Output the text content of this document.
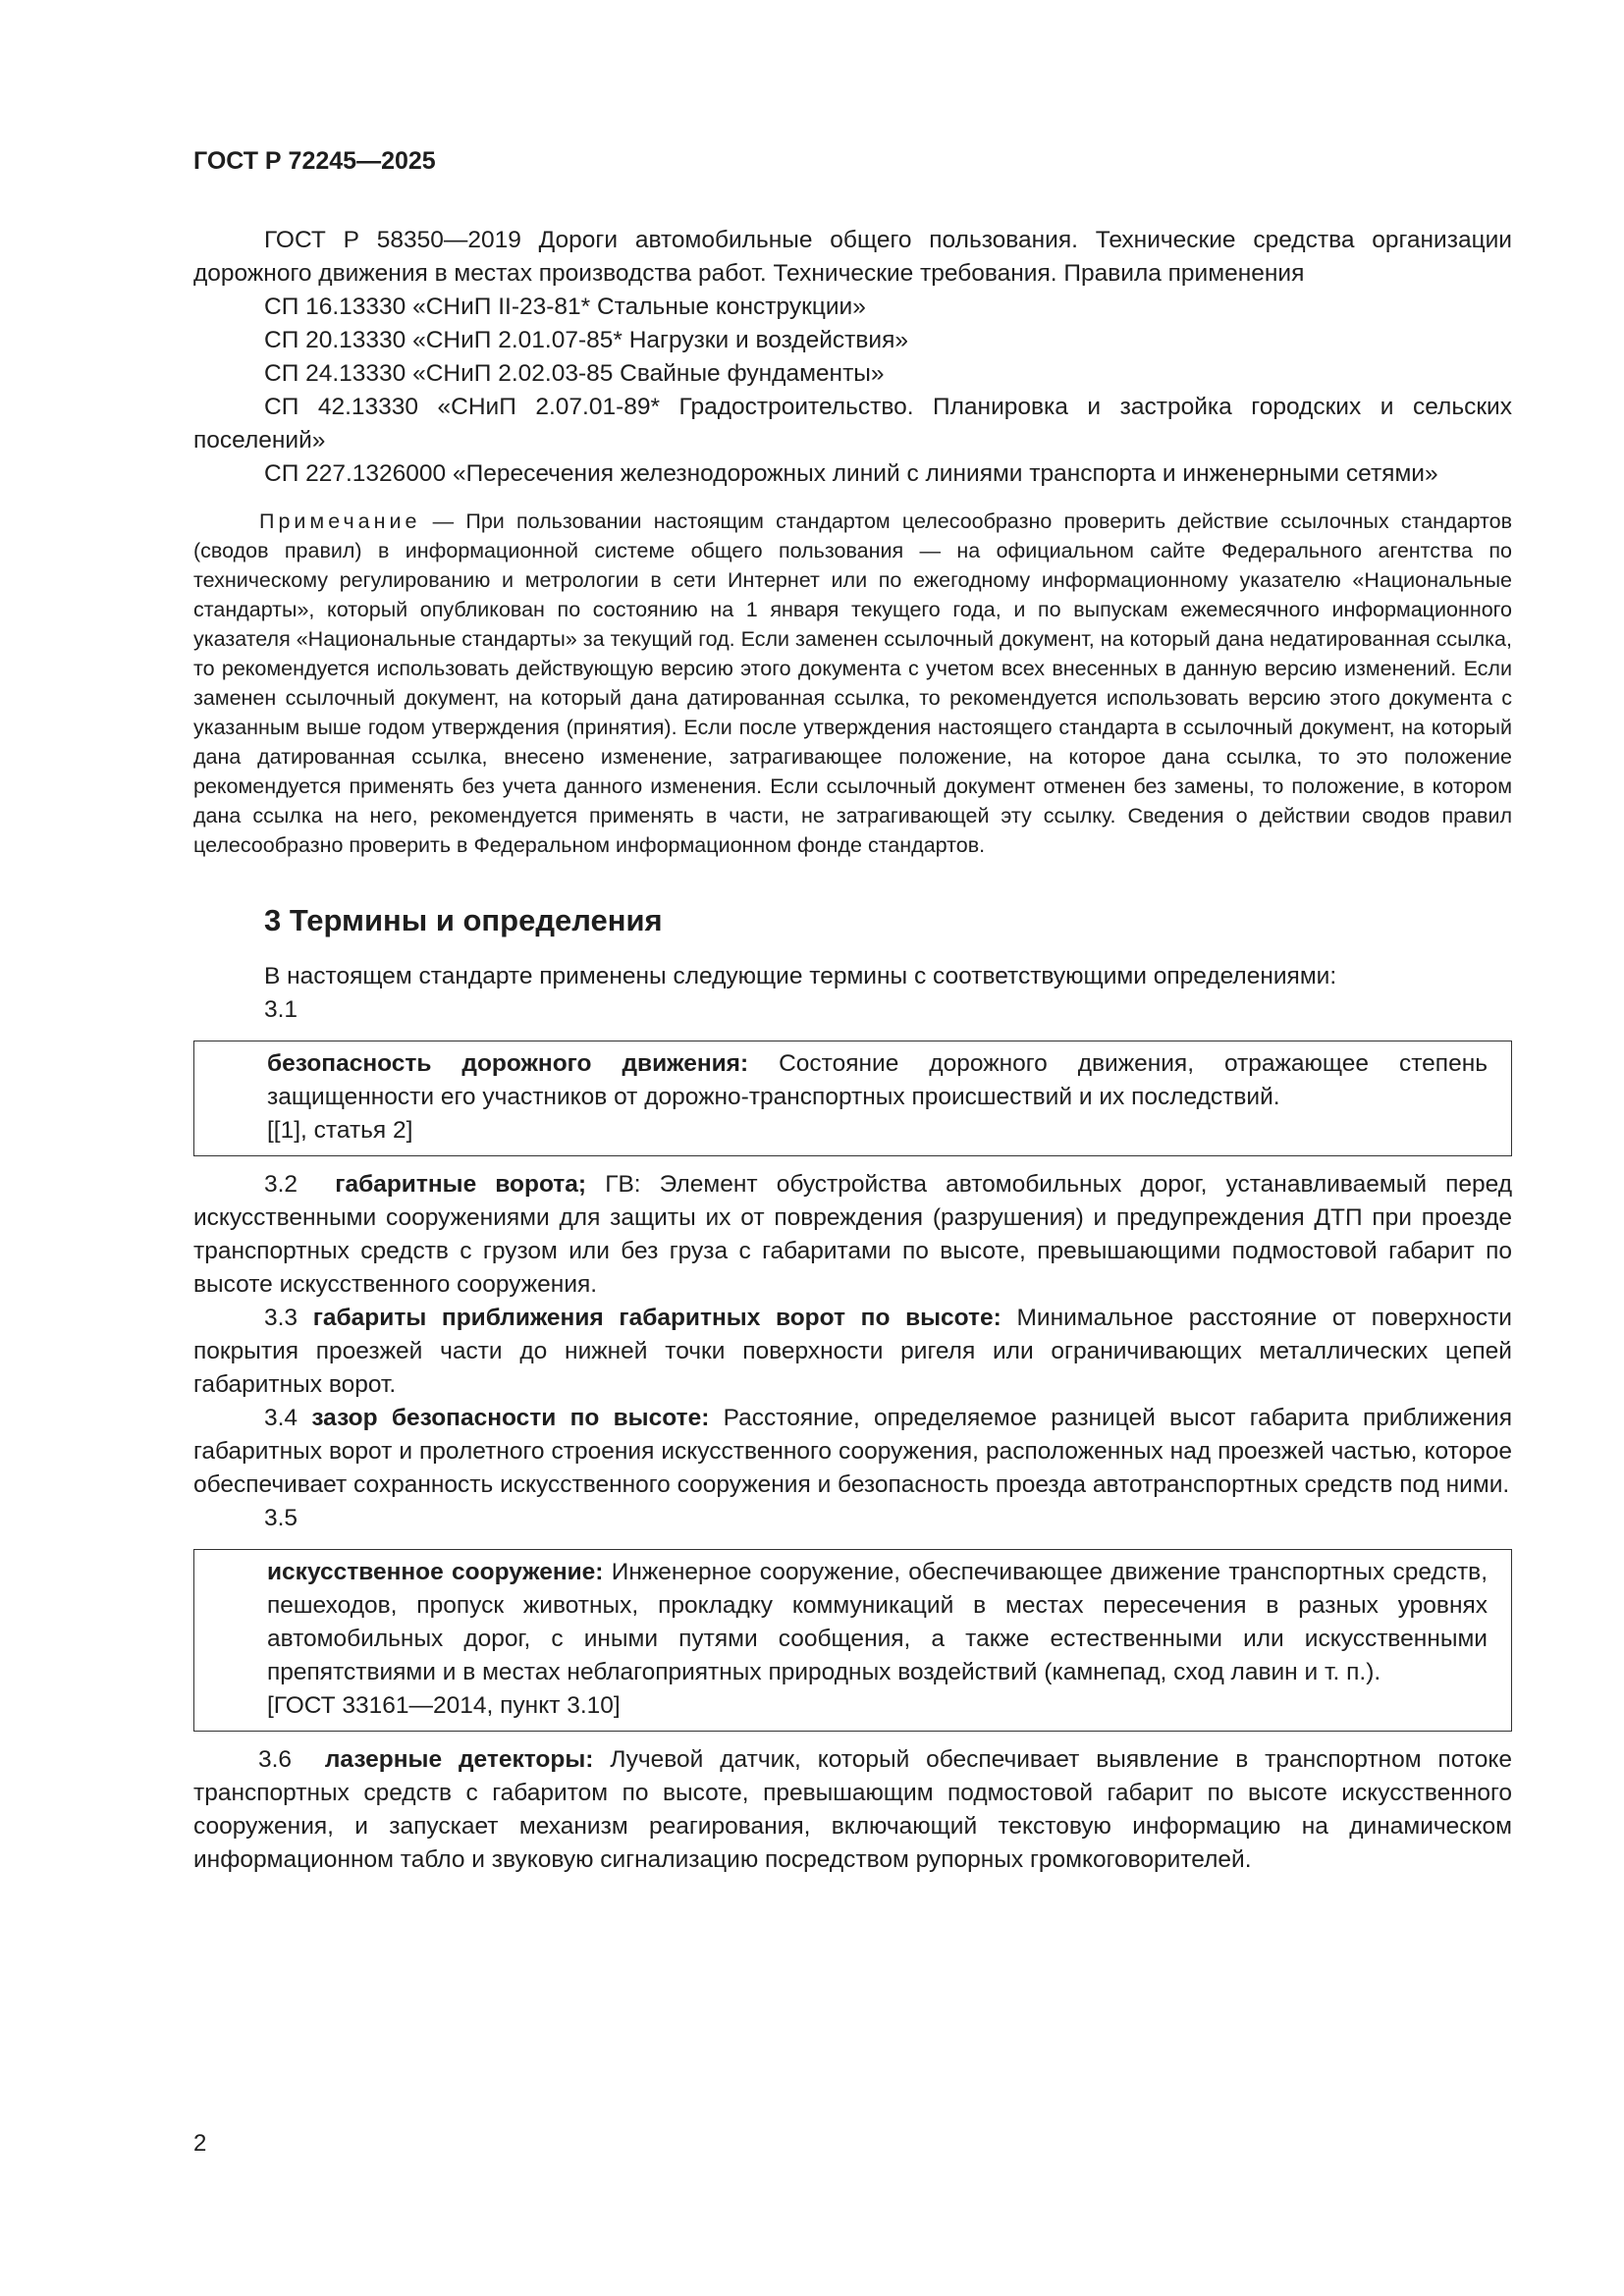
ГОСТ Р 72245—2025

ГОСТ Р 58350—2019 Дороги автомобильные общего пользования. Технические средства организации дорожного движения в местах производства работ. Технические требования. Правила применения

СП 16.13330 «СНиП II-23-81* Стальные конструкции»

СП 20.13330 «СНиП 2.01.07-85* Нагрузки и воздействия»

СП 24.13330 «СНиП 2.02.03-85 Свайные фундаменты»

СП 42.13330 «СНиП 2.07.01-89* Градостроительство. Планировка и застройка городских и сельских поселений»

СП 227.1326000 «Пересечения железнодорожных линий с линиями транспорта и инженерными сетями»

Примечание — При пользовании настоящим стандартом целесообразно проверить действие ссылочных стандартов (сводов правил) в информационной системе общего пользования — на официальном сайте Федерального агентства по техническому регулированию и метрологии в сети Интернет или по ежегодному информационному указателю «Национальные стандарты», который опубликован по состоянию на 1 января текущего года, и по выпускам ежемесячного информационного указателя «Национальные стандарты» за текущий год. Если заменен ссылочный документ, на который дана недатированная ссылка, то рекомендуется использовать действующую версию этого документа с учетом всех внесенных в данную версию изменений. Если заменен ссылочный документ, на который дана датированная ссылка, то рекомендуется использовать версию этого документа с указанным выше годом утверждения (принятия). Если после утверждения настоящего стандарта в ссылочный документ, на который дана датированная ссылка, внесено изменение, затрагивающее положение, на которое дана ссылка, то это положение рекомендуется применять без учета данного изменения. Если ссылочный документ отменен без замены, то положение, в котором дана ссылка на него, рекомендуется применять в части, не затрагивающей эту ссылку. Сведения о действии сводов правил целесообразно проверить в Федеральном информационном фонде стандартов.

3 Термины и определения

В настоящем стандарте применены следующие термины с соответствующими определениями:

3.1

безопасность дорожного движения: Состояние дорожного движения, отражающее степень защищенности его участников от дорожно-транспортных происшествий и их последствий.

[[1], статья 2]

3.2 габаритные ворота; ГВ: Элемент обустройства автомобильных дорог, устанавливаемый перед искусственными сооружениями для защиты их от повреждения (разрушения) и предупреждения ДТП при проезде транспортных средств с грузом или без груза с габаритами по высоте, превышающими подмостовой габарит по высоте искусственного сооружения.

3.3 габариты приближения габаритных ворот по высоте: Минимальное расстояние от поверхности покрытия проезжей части до нижней точки поверхности ригеля или ограничивающих металлических цепей габаритных ворот.

3.4 зазор безопасности по высоте: Расстояние, определяемое разницей высот габарита приближения габаритных ворот и пролетного строения искусственного сооружения, расположенных над проезжей частью, которое обеспечивает сохранность искусственного сооружения и безопасность проезда автотранспортных средств под ними.

3.5

искусственное сооружение: Инженерное сооружение, обеспечивающее движение транспортных средств, пешеходов, пропуск животных, прокладку коммуникаций в местах пересечения в разных уровнях автомобильных дорог, с иными путями сообщения, а также естественными или искусственными препятствиями и в местах неблагоприятных природных воздействий (камнепад, сход лавин и т. п.).

[ГОСТ 33161—2014, пункт 3.10]

3.6 лазерные детекторы: Лучевой датчик, который обеспечивает выявление в транспортном потоке транспортных средств с габаритом по высоте, превышающим подмостовой габарит по высоте искусственного сооружения, и запускает механизм реагирования, включающий текстовую информацию на динамическом информационном табло и звуковую сигнализацию посредством рупорных громкоговорителей.

2
